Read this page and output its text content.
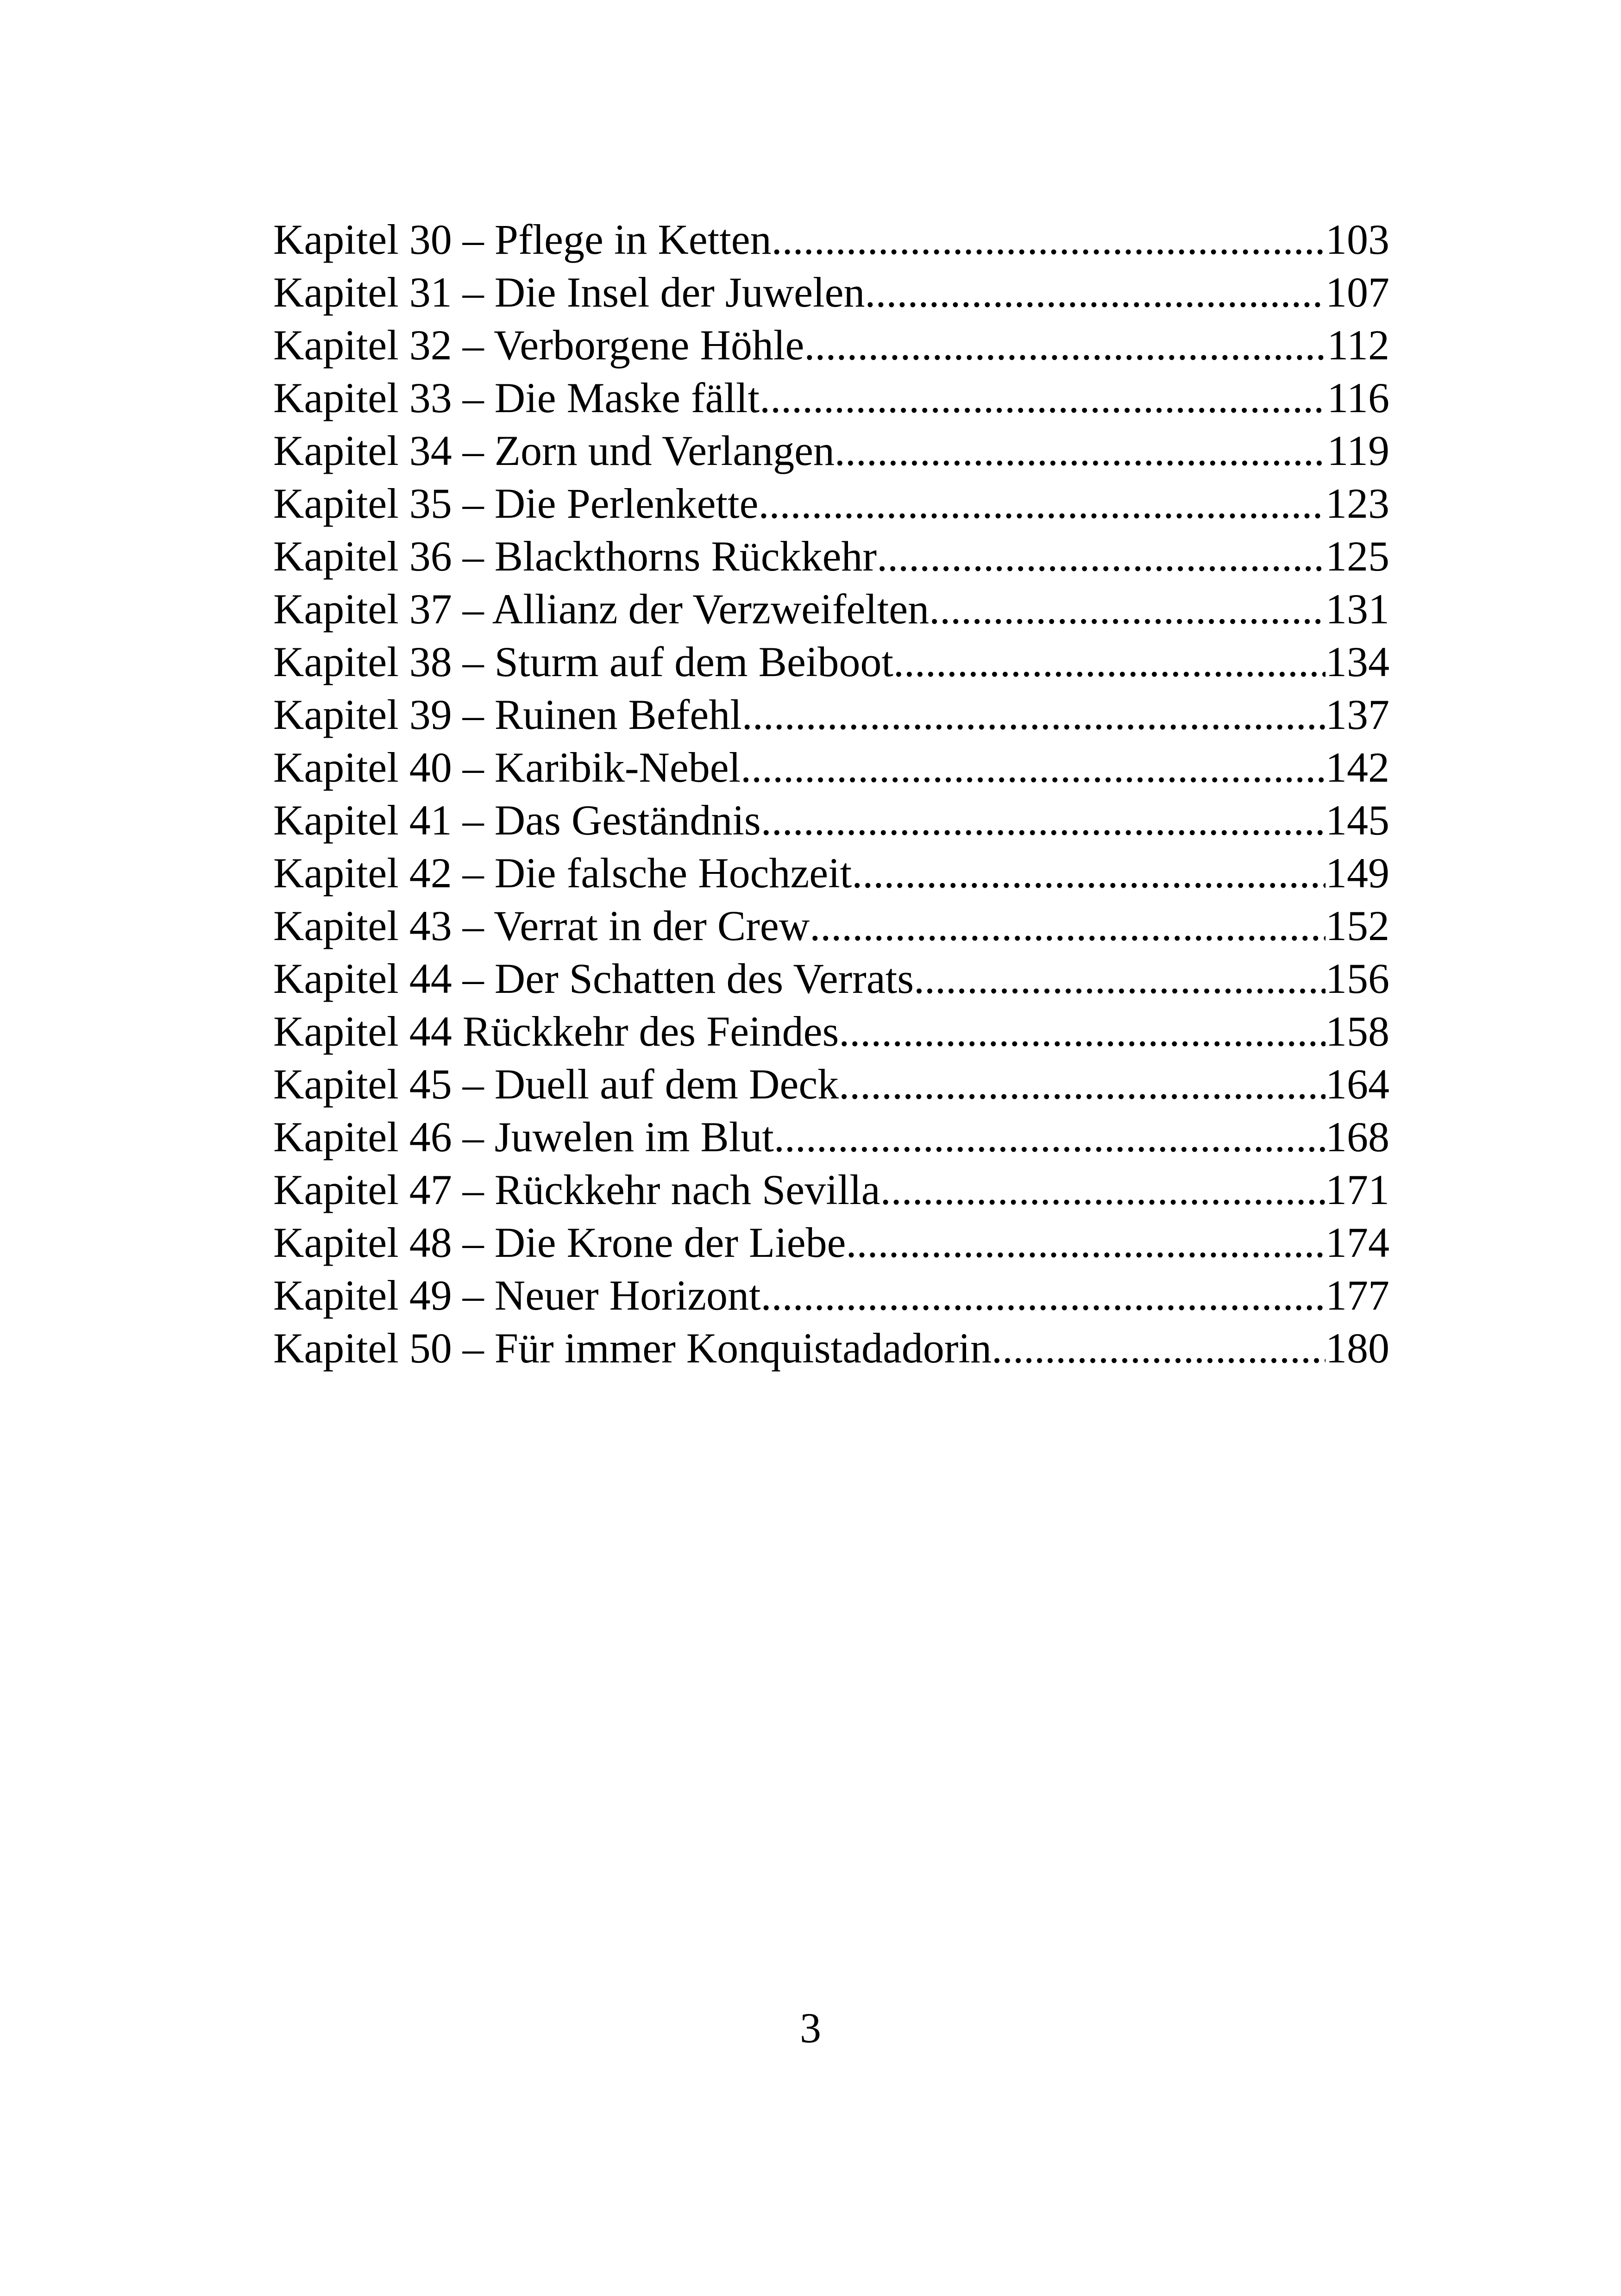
Kapitel 30 – Pflege in Ketten .....	103
Kapitel 31 – Die Insel der Juwelen .....	107
Kapitel 32 – Verborgene Höhle .....	112
Kapitel 33 – Die Maske fällt .....	116
Kapitel 34 – Zorn und Verlangen .....	119
Kapitel 35 – Die Perlenkette .....	123
Kapitel 36 – Blackthorns Rückkehr .....	125
Kapitel 37 – Allianz der Verzweifelten .....	131
Kapitel 38 – Sturm auf dem Beiboot .....	134
Kapitel 39 – Ruinen Befehl .....	137
Kapitel 40 – Karibik-Nebel .....	142
Kapitel 41 – Das Geständnis .....	145
Kapitel 42 – Die falsche Hochzeit .....	149
Kapitel 43 – Verrat in der Crew .....	152
Kapitel 44 – Der Schatten des Verrats .....	156
Kapitel 44 Rückkehr des Feindes .....	158
Kapitel 45 – Duell auf dem Deck .....	164
Kapitel 46 – Juwelen im Blut .....	168
Kapitel 47 – Rückkehr nach Sevilla .....	171
Kapitel 48 – Die Krone der Liebe .....	174
Kapitel 49 – Neuer Horizont .....	177
Kapitel 50 – Für immer Konquistadadorin .....	180
3
